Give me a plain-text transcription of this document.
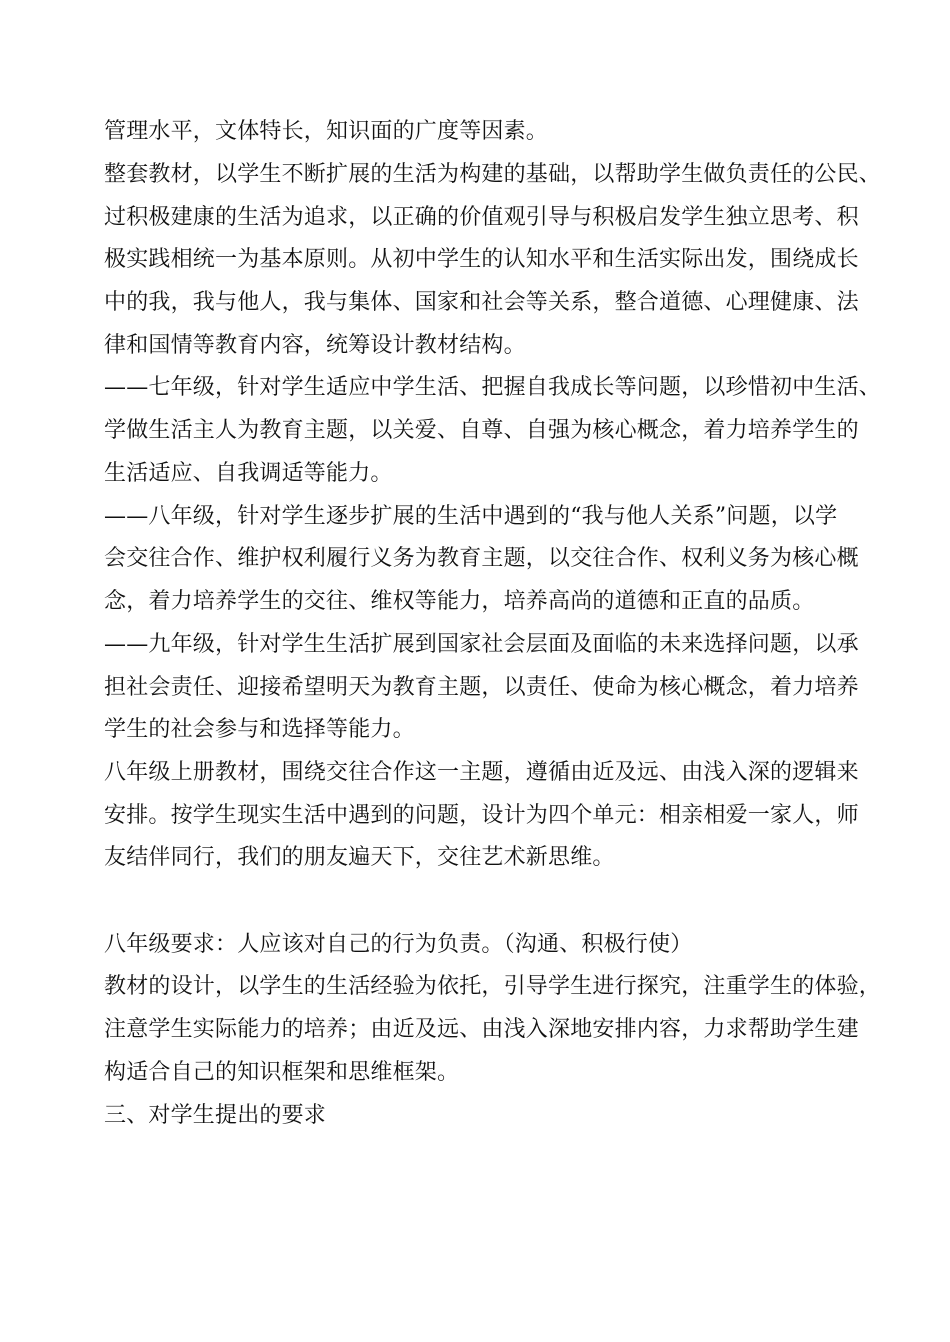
管理水平，文体特长，知识面的广度等因素。

整套教材，以学生不断扩展的生活为构建的基础，以帮助学生做负责任的公民、

过积极建康的生活为追求，以正确的价值观引导与积极启发学生独立思考、积

极实践相统一为基本原则。从初中学生的认知水平和生活实际出发，围绕成长

中的我，我与他人，我与集体、国家和社会等关系，整合道德、心理健康、法

律和国情等教育内容，统筹设计教材结构。

——七年级，针对学生适应中学生活、把握自我成长等问题，以珍惜初中生活、

学做生活主人为教育主题，以关爱、自尊、自强为核心概念，着力培养学生的

生活适应、自我调适等能力。

——八年级，针对学生逐步扩展的生活中遇到的“我与他人关系”问题，以学

会交往合作、维护权利履行义务为教育主题，以交往合作、权利义务为核心概

念，着力培养学生的交往、维权等能力，培养高尚的道德和正直的品质。

——九年级，针对学生生活扩展到国家社会层面及面临的未来选择问题，以承

担社会责任、迎接希望明天为教育主题，以责任、使命为核心概念，着力培养

学生的社会参与和选择等能力。

八年级上册教材，围绕交往合作这一主题，遵循由近及远、由浅入深的逻辑来

安排。按学生现实生活中遇到的问题，设计为四个单元：相亲相爱一家人，师

友结伴同行，我们的朋友遍天下，交往艺术新思维。

八年级要求：人应该对自己的行为负责。（沟通、积极行使）

教材的设计，以学生的生活经验为依托，引导学生进行探究，注重学生的体验，

注意学生实际能力的培养；由近及远、由浅入深地安排内容，力求帮助学生建

构适合自己的知识框架和思维框架。

三、对学生提出的要求
